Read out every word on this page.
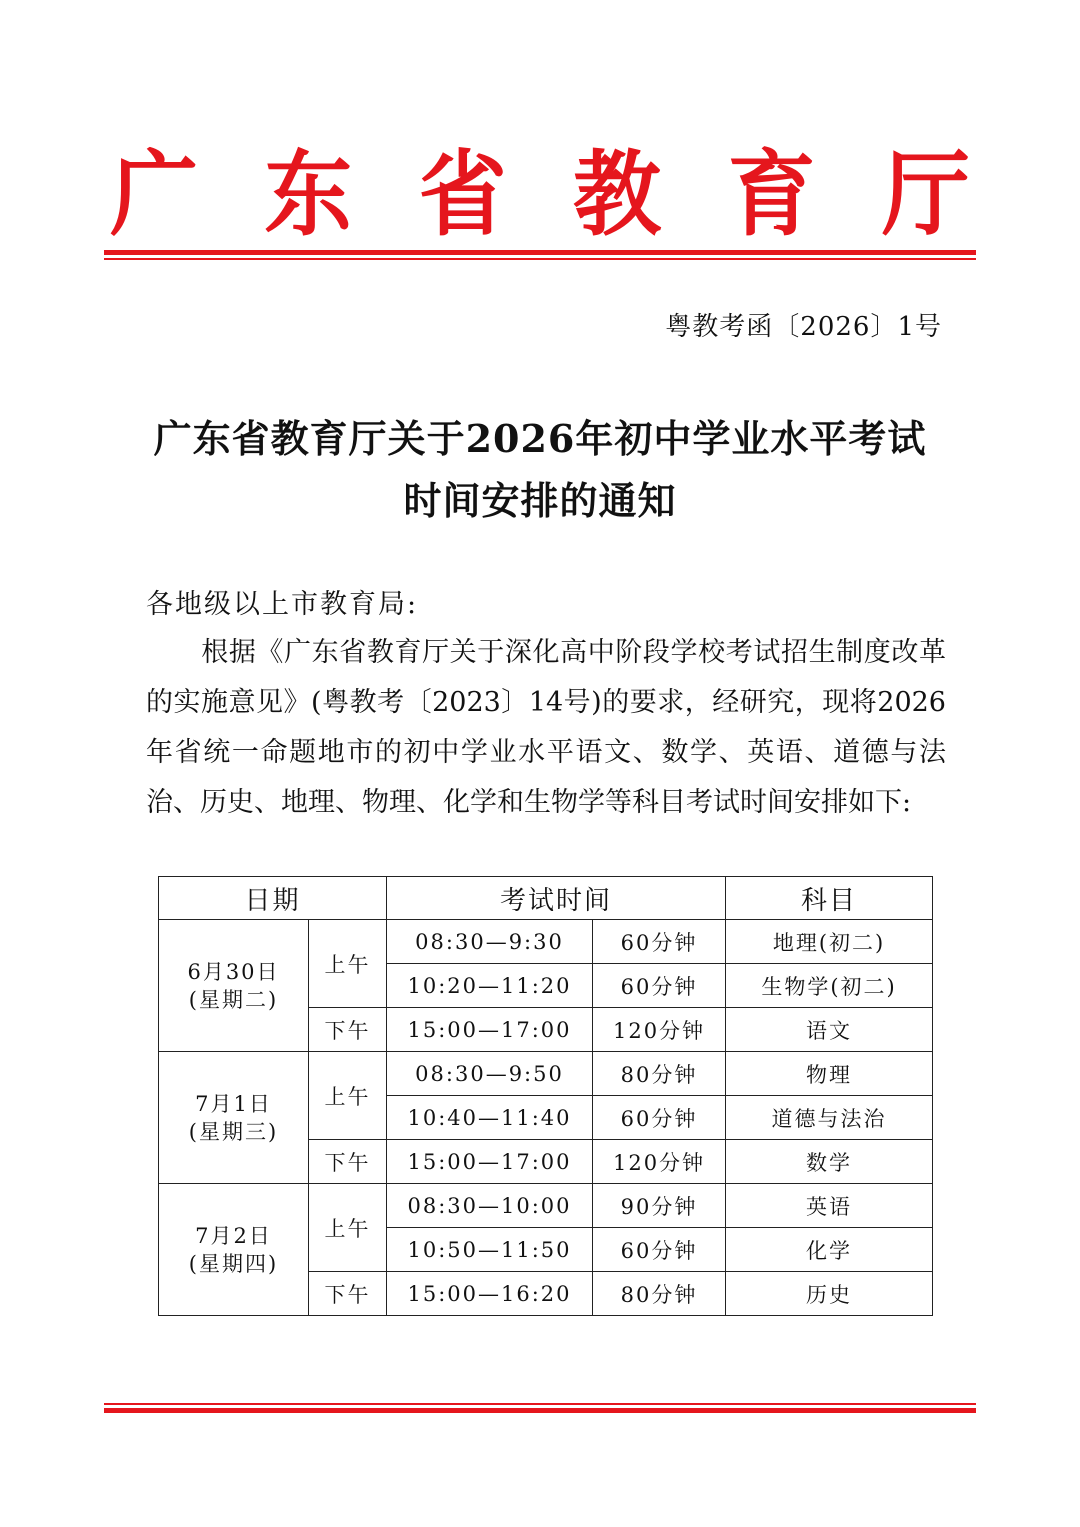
广 东 省 教 育 厅
粤教考函〔2026〕1号
广东省教育厅关于2026年初中学业水平考试
时间安排的通知
各地级以上市教育局:
　　根据《广东省教育厅关于深化高中阶段学校考试招生制度改革的实施意见》(粤教考〔2023〕14号)的要求，经研究，现将2026年省统一命题地市的初中学业水平语文、数学、英语、道德与法治、历史、地理、物理、化学和生物学等科目考试时间安排如下:
日期		考试时间		科目

6月30日
(星期二)	上午	08:30—9:30	60分钟	地理(初二)
		10:20—11:20	60分钟	生物学(初二)
	下午	15:00—17:00	120分钟	语文

7月1日
(星期三)	上午	08:30—9:50	80分钟	物理
		10:40—11:40	60分钟	道德与法治
	下午	15:00—17:00	120分钟	数学

7月2日
(星期四)	上午	08:30—10:00	90分钟	英语
		10:50—11:50	60分钟	化学
	下午	15:00—16:20	80分钟	历史
